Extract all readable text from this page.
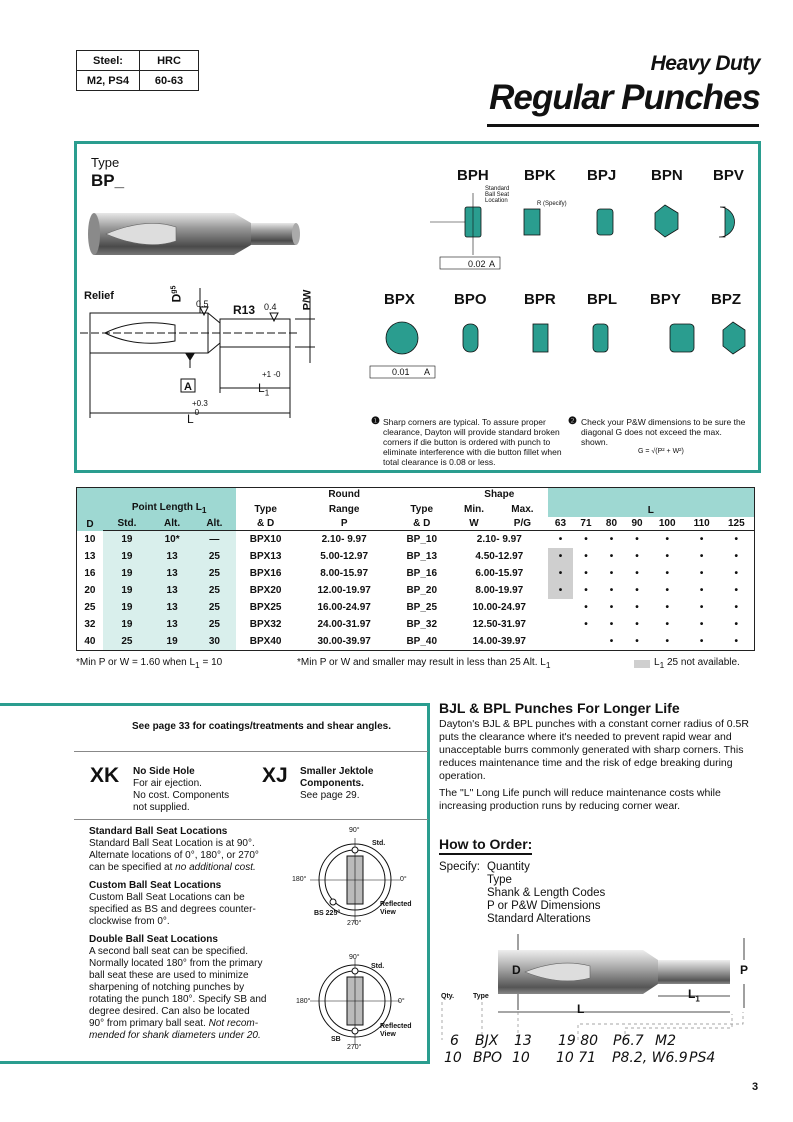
Steel:	HRC
M2, PS4	60-63
Heavy Duty
Regular Punches
Type
BP_
Relief	$D^{g5}$
0.5 R13 0.4 P/W
A	$L_1$
+1 -0
L
+0.3 -0
BPH BPK BPJ BPN BPV
Standard Ball Seat Location	R (Specify)
0.02 A
BPX	BPO BPR BPL BPY BPZ
0.01 A
❶ Sharp corners are typical. To assure proper clearance, Dayton will provide standard broken corners if die button is ordered with punch to eliminate interference with die button fillet when total clearance is 0.08 or less.
❷ Check your P&W dimensions to be sure the diagonal G does not exceed the max. shown.
G = √(P² + W²)
D					Round		Shape		L						
	Point Length $L_1$			Type	Range	Type	Min.	Max.							
	Std.	Alt.	Alt.	& D	P	& D	W	P/G	63	71	80	90	100	110	125
10	19	10*	—	BPX10	2.10- 9.97	BP_10	2.10- 9.97		•	•	•	•	•	•	•
13	19	13	25	BPX13	5.00-12.97	BP_13	4.50-12.97		•	•	•	•	•	•	•
16	19	13	25	BPX16	8.00-15.97	BP_16	6.00-15.97		•	•	•	•	•	•	•
20	19	13	25	BPX20	12.00-19.97	BP_20	8.00-19.97		•	•	•	•	•	•	•
25	19	13	25	BPX25	16.00-24.97	BP_25	10.00-24.97			•	•	•	•	•	•
32	19	13	25	BPX32	24.00-31.97	BP_32	12.50-31.97			•	•	•	•	•	•
40	25	19	30	BPX40	30.00-39.97	BP_40	14.00-39.97				•	•	•	•	•
*Min P or W = 1.60 when $L_1 = 10$	*Min P or W and smaller may result in less than 25 Alt. $L_1$	$L_1$ 25 not available.
See page 33 for coatings/treatments and shear angles.
XK No Side Hole
For air ejection.
No cost. Components
not supplied.
XJ Smaller Jektole
Components.
See page 29.
Standard Ball Seat Locations
Standard Ball Seat Location is at 90°.
Alternate locations of 0°, 180°, or 270°
can be specified at no additional cost.
Custom Ball Seat Locations
Custom Ball Seat Locations can be
specified as BS and degrees counter-
clockwise from 0°.
Double Ball Seat Locations
A second ball seat can be specified.
Normally located 180° from the primary
ball seat these are used to minimize
sharpening of notching punches by
rotating the punch 180°. Specify SB and
degree desired. Can also be located
90° from primary ball seat. Not recom-
mended for shank diameters under 20.
90°
Std.
180°	0°
BS 225°
270°
Reflected
View
90°
Std.
180°	0°
SB
270°
Reflected
View
BJL & BPL Punches For Longer Life
Dayton's BJL & BPL punches with a constant corner radius of 0.5R puts the clearance where it's needed to prevent rapid wear and unacceptable burrs commonly generated with sharp corners. This reduces maintenance time and the risk of edge breaking during operation.
The "L" Long Life punch will reduce maintenance costs while increasing production runs by reducing corner wear.
How to Order:
Specify: Quantity
Type
Shank & Length Codes
P or P&W Dimensions
Standard Alterations
D	P
$L_1$
L
Qty.	Type
6 BJX 13 19 80 P6.7 M2
10 BPO 10 10 71 P8.2, W6.9 PS4
3
